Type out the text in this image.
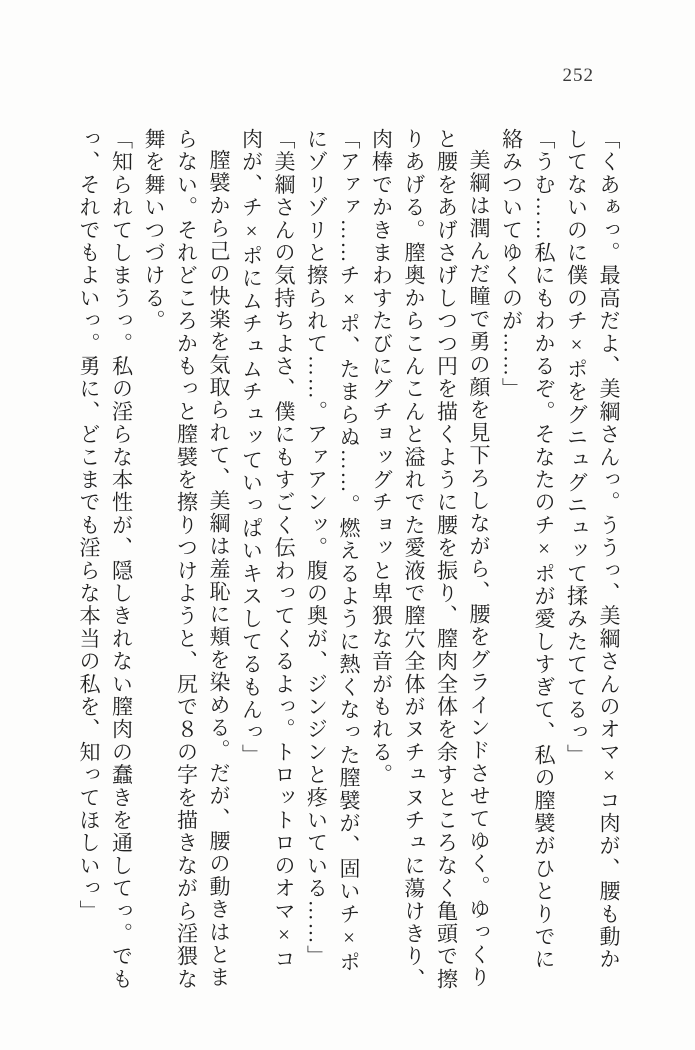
252

「くあぁっ。最高だよ、美綱さんっ。ううっ、美綱さんのオマ×コ肉が、腰も動かしてないのに僕のチ×ポをグニュグニュッて揉みたててるっ」

「うむ……私にもわかるぞ。そなたのチ×ポが愛しすぎて、私の膣襞がひとりでに絡みついてゆくのが……」

美綱は潤んだ瞳で勇の顔を見下ろしながら、腰をグラインドさせてゆく。ゆっくりと腰をあげさげしつつ円を描くように腰を振り、膣肉全体を余すところなく亀頭で擦りあげる。膣奥からこんこんと溢れでた愛液で膣穴全体がヌチュヌチュに蕩けきり、肉棒でかきまわすたびにグチョッグチョッと卑猥な音がもれる。

「アァァ……チ×ポ、たまらぬ……。燃えるように熱くなった膣襞が、固いチ×ポにゾリゾリと擦られて……。アァアンッ。腹の奥が、ジンジンと疼いている……」

「美綱さんの気持ちよさ、僕にもすごく伝わってくるよっ。トロットロのオマ×コ肉が、チ×ポにムチュムチュッていっぱいキスしてるもんっ」

膣襞から己の快楽を気取られて、美綱は羞恥に頬を染める。だが、腰の動きはとまらない。それどころかもっと膣襞を擦りつけようと、尻で８の字を描きながら淫猥な舞を舞いつづける。

「知られてしまうっ。私の淫らな本性が、隠しきれない膣肉の蠢きを通してっ。でもっ、それでもよいっ。勇に、どこまでも淫らな本当の私を、知ってほしいっ」
